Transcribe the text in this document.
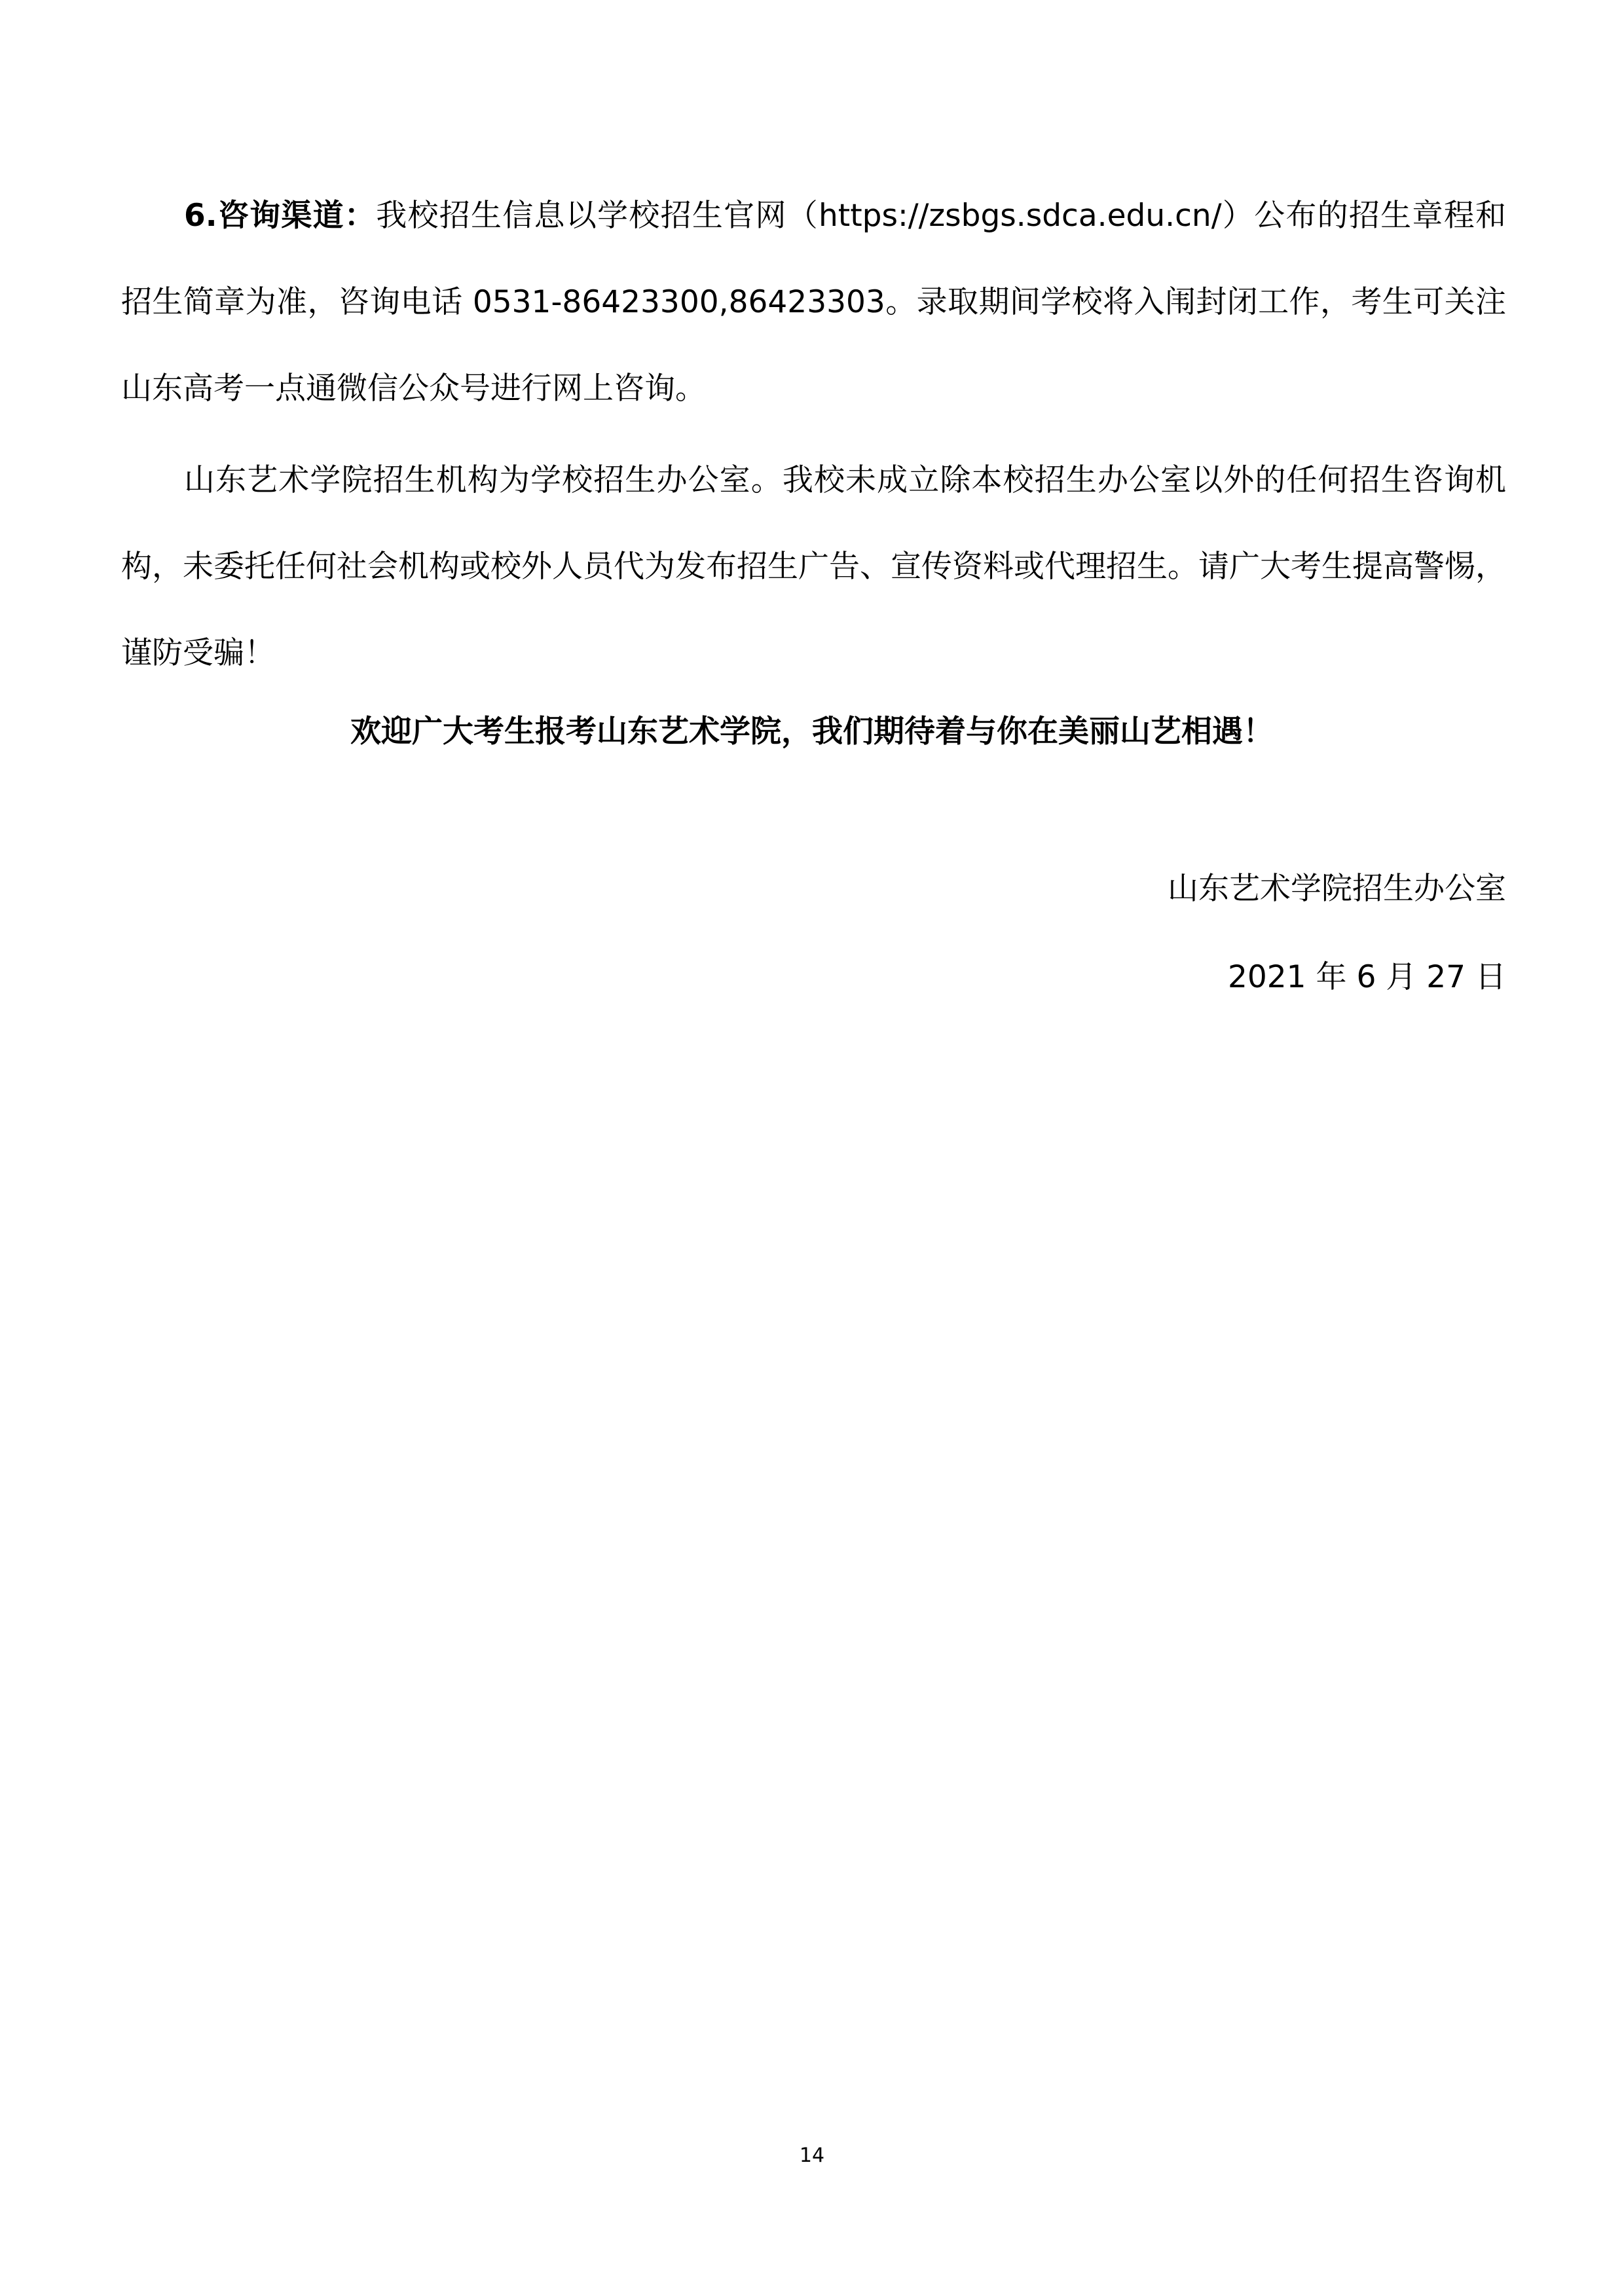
6.咨询渠道：我校招生信息以学校招生官网（https://zsbgs.sdca.edu.cn/）公布的招生章程和招生简章为准，咨询电话 0531-86423300,86423303。录取期间学校将入闱封闭工作，考生可关注山东高考一点通微信公众号进行网上咨询。

山东艺术学院招生机构为学校招生办公室。我校未成立除本校招生办公室以外的任何招生咨询机构，未委托任何社会机构或校外人员代为发布招生广告、宣传资料或代理招生。请广大考生提高警惕，谨防受骗！

欢迎广大考生报考山东艺术学院，我们期待着与你在美丽山艺相遇！

山东艺术学院招生办公室

2021 年 6 月 27 日

14
